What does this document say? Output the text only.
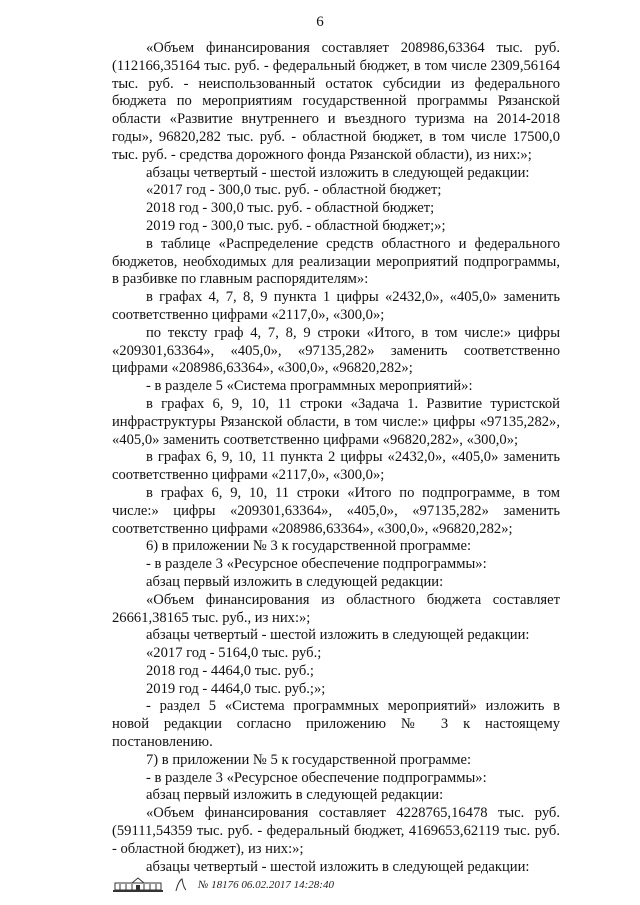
6

«Объем финансирования составляет 208986,63364 тыс. руб. (112166,35164 тыс. руб. - федеральный бюджет, в том числе 2309,56164 тыс. руб. - неиспользованный остаток субсидии из федерального бюджета по мероприятиям государственной программы Рязанской области «Развитие внутреннего и въездного туризма на 2014-2018 годы», 96820,282 тыс. руб. - областной бюджет, в том числе 17500,0 тыс. руб. - средства дорожного фонда Рязанской области), из них:»;

абзацы четвертый - шестой изложить в следующей редакции:

«2017 год - 300,0 тыс. руб. - областной бюджет;

2018 год - 300,0 тыс. руб. - областной бюджет;

2019 год - 300,0 тыс. руб. - областной бюджет;»;

в таблице «Распределение средств областного и федерального бюджетов, необходимых для реализации мероприятий подпрограммы, в разбивке по главным распорядителям»:

в графах 4, 7, 8, 9 пункта 1 цифры «2432,0», «405,0» заменить соответственно цифрами «2117,0», «300,0»;

по тексту граф 4, 7, 8, 9 строки «Итого, в том числе:» цифры «209301,63364», «405,0», «97135,282» заменить соответственно цифрами «208986,63364», «300,0», «96820,282»;

- в разделе 5 «Система программных мероприятий»:

в графах 6, 9, 10, 11 строки «Задача 1. Развитие туристской инфраструктуры Рязанской области, в том числе:» цифры «97135,282», «405,0» заменить соответственно цифрами «96820,282», «300,0»;

в графах 6, 9, 10, 11 пункта 2 цифры «2432,0», «405,0» заменить соответственно цифрами «2117,0», «300,0»;

в графах 6, 9, 10, 11 строки «Итого по подпрограмме, в том числе:» цифры «209301,63364», «405,0», «97135,282» заменить соответственно цифрами «208986,63364», «300,0», «96820,282»;

6) в приложении № 3 к государственной программе:

- в разделе 3 «Ресурсное обеспечение подпрограммы»:

абзац первый изложить в следующей редакции:

«Объем финансирования из областного бюджета составляет 26661,38165 тыс. руб., из них:»;

абзацы четвертый - шестой изложить в следующей редакции:

«2017 год - 5164,0 тыс. руб.;

2018 год - 4464,0 тыс. руб.;

2019 год - 4464,0 тыс. руб.;»;

- раздел 5 «Система программных мероприятий» изложить в новой редакции согласно приложению № 3 к настоящему постановлению.

7) в приложении № 5 к государственной программе:

- в разделе 3 «Ресурсное обеспечение подпрограммы»:

абзац первый изложить в следующей редакции:

«Объем финансирования составляет 4228765,16478 тыс. руб. (59111,54359 тыс. руб. - федеральный бюджет, 4169653,62119 тыс. руб. - областной бюджет), из них:»;

абзацы четвертый - шестой изложить в следующей редакции:

№ 18176 06.02.2017 14:28:40
